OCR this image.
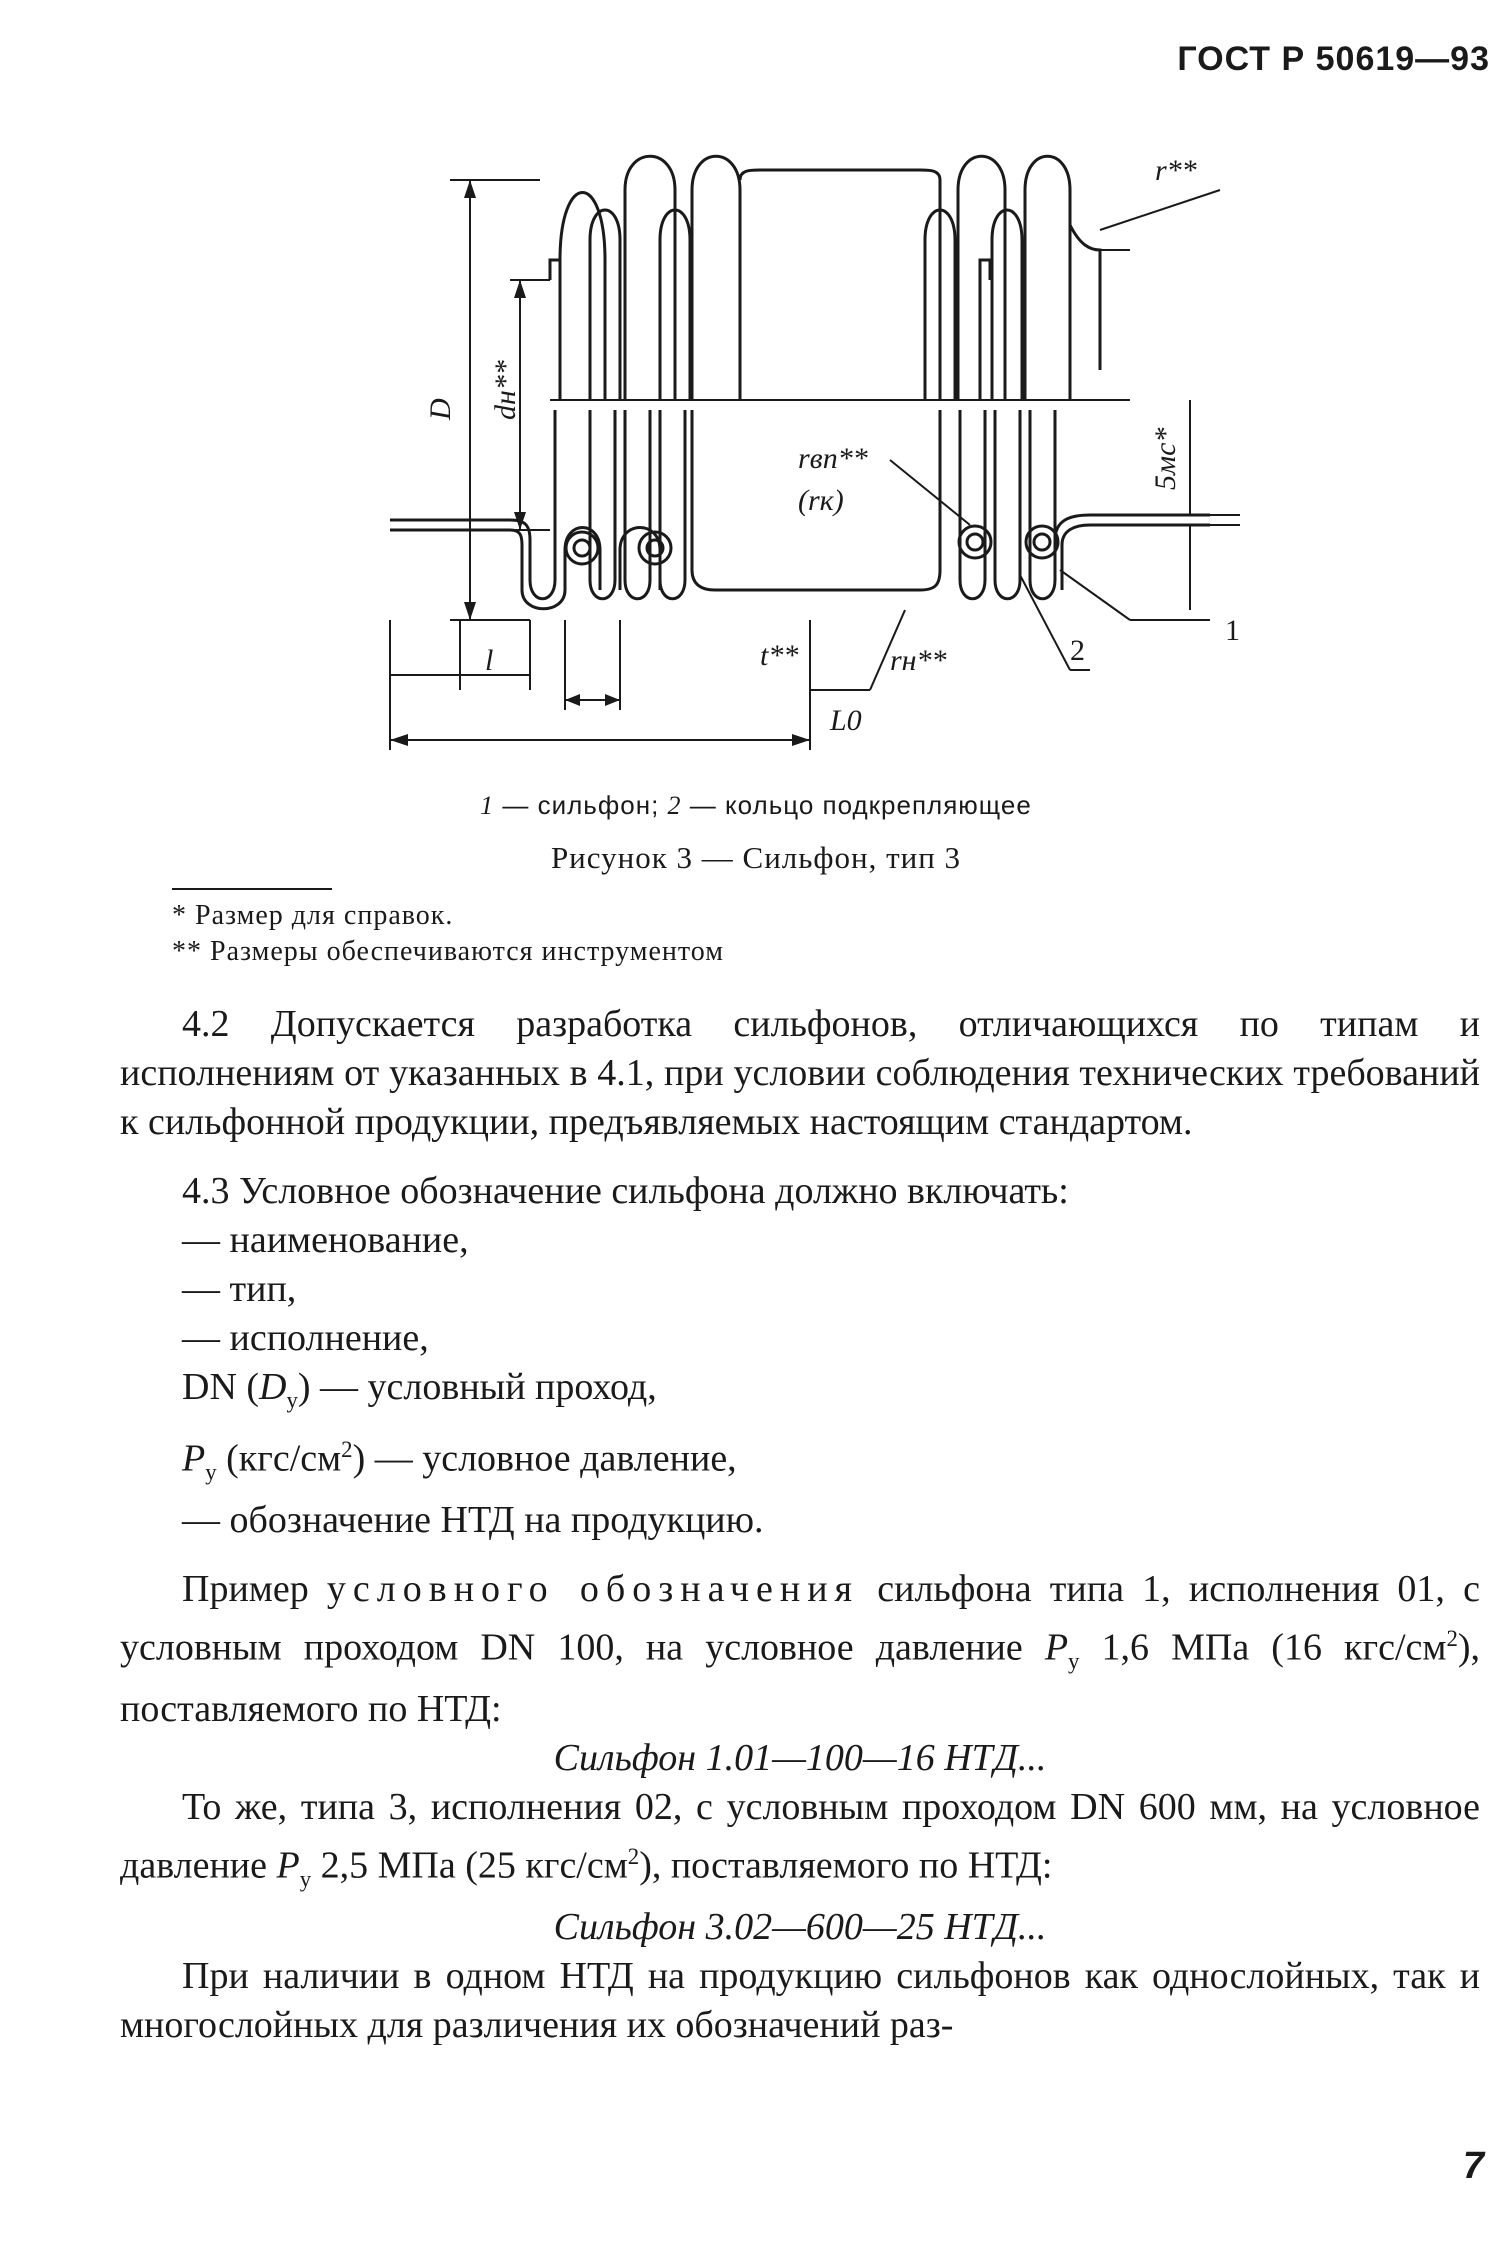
ГОСТ Р 50619—93
D dн**
r**
rвп**
(rк)
5мс*
l	t**	rн**
L0
1
2
1 — сильфон; 2 — кольцо подкрепляющее
Рисунок 3 — Сильфон, тип 3
* Размер для справок.
** Размеры обеспечиваются инструментом

4.2 Допускается разработка сильфонов, отличающихся по типам и исполнениям от указанных в 4.1, при условии соблюдения технических требований к сильфонной продукции, предъявляемых настоящим стандартом.

4.3 Условное обозначение сильфона должно включать:

— наименование,

— тип,

— исполнение,

DN $(D_у)$ — условный проход,

$P_у$ $(кгс/см^2)$ — условное давление,

— обозначение НТД на продукцию.

Пример условного обозначения сильфона типа 1, исполнения 01, с условным проходом DN 100, на условное давление $P_у$ 1,6 МПа (16 кгс/$см^2$), поставляемого по НТД:

Сильфон 1.01—100—16 НТД...

То же, типа 3, исполнения 02, с условным проходом DN 600 мм, на условное давление $P_у$ 2,5 МПа (25 кгс/$см^2$), поставляемого по НТД:

Сильфон 3.02—600—25 НТД...

При наличии в одном НТД на продукцию сильфонов как однослойных, так и многослойных для различения их обозначений раз-

7
